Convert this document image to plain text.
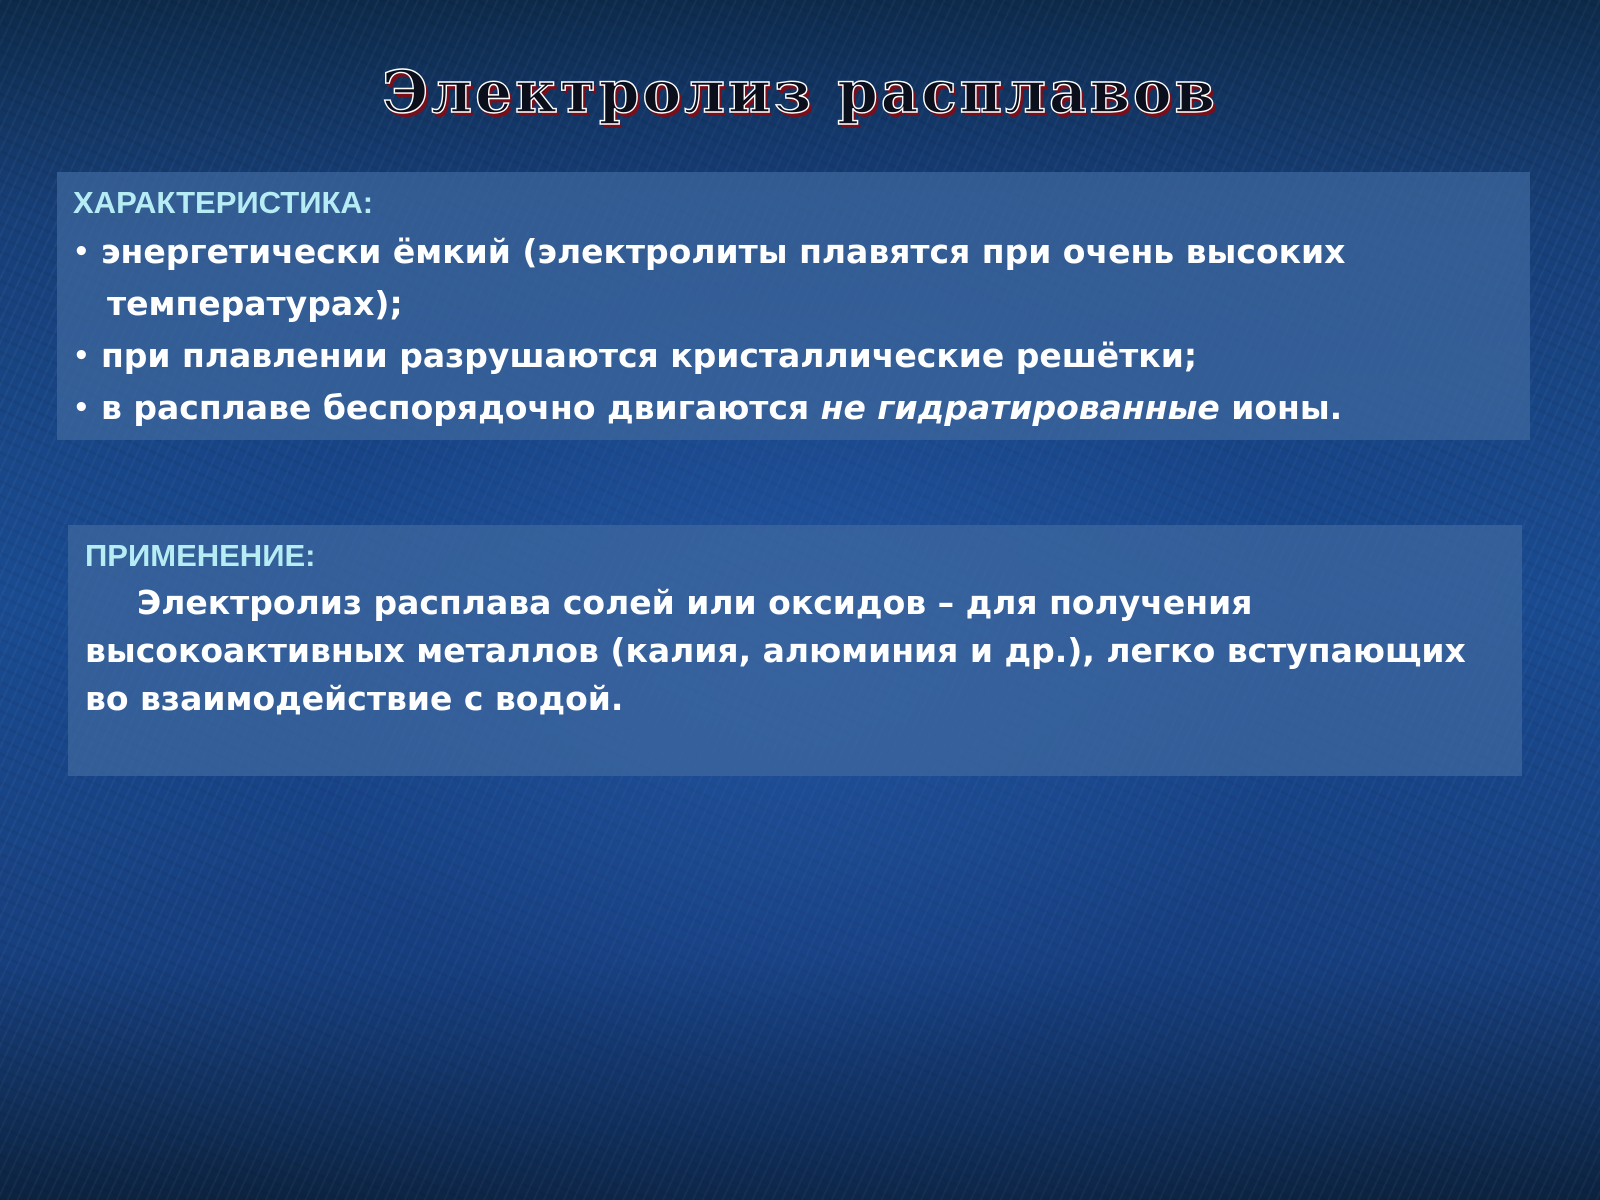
Электролиз расплавов
ХАРАКТЕРИСТИКА:
• энергетически ёмкий (электролиты плавятся при очень высоких
температурах);
• при плавлении разрушаются кристаллические решётки;
• в расплаве беспорядочно двигаются не гидратированные ионы.
ПРИМЕНЕНИЕ:

Электролиз расплава солей или оксидов – для получения высокоактивных металлов (калия, алюминия и др.), легко вступающих во взаимодействие с водой.
